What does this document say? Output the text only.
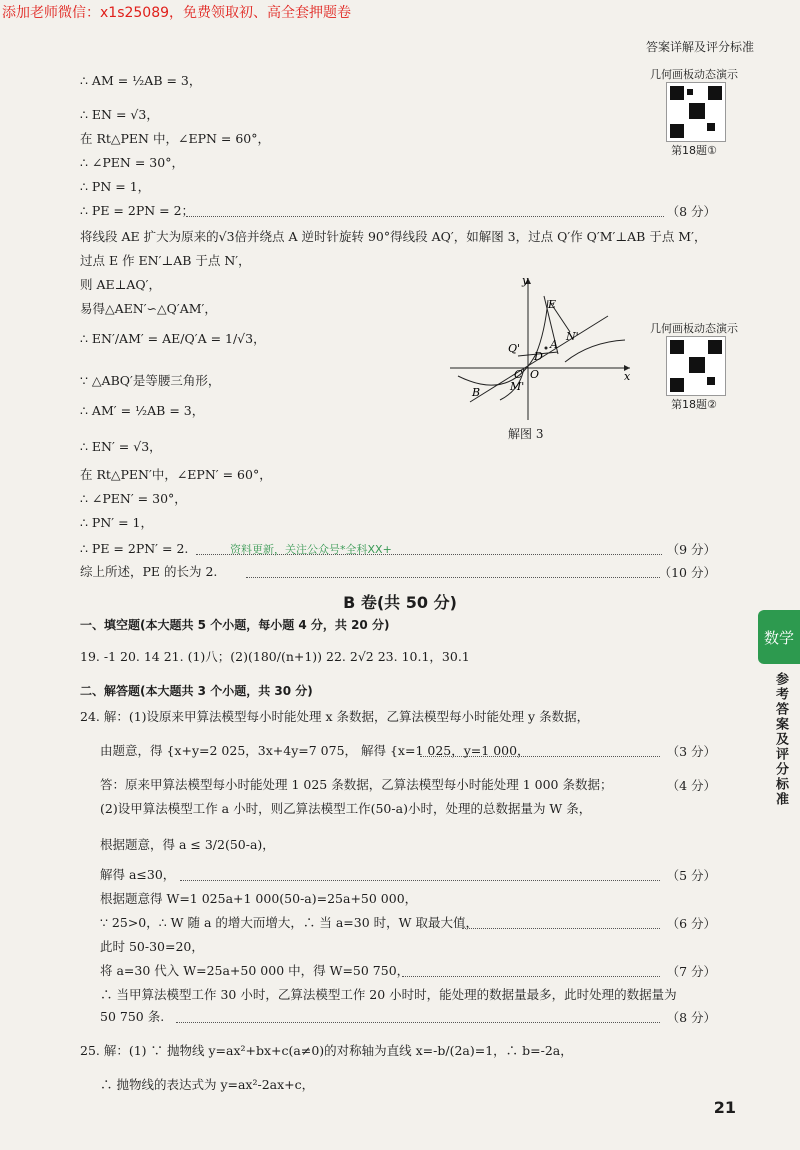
添加老师微信：x1s25089，免费领取初、高全套押题卷
答案详解及评分标准
几何画板动态演示
第18题①
几何画板动态演示
第18题②
∴ AM = ½AB = 3，
∴ EN = √3，
在 Rt△PEN 中，∠EPN = 60°，
∴ ∠PEN = 30°，
∴ PN = 1，
∴ PE = 2PN = 2；	（8 分）
将线段 AE 扩大为原来的√3倍并绕点 A 逆时针旋转 90°得线段 AQ′，如解图 3，过点 Q′作 Q′M′⊥AB 于点 M′，
过点 E 作 EN′⊥AB 于点 N′，
则 AE⊥AQ′，
易得△AEN′∽△Q′AM′，
∴ EN′/AM′ = AE/Q′A = 1/√3，
∵ △ABQ′是等腰三角形，
∴ AM′ = ½AB = 3，
∴ EN′ = √3，
在 Rt△PEN′中，∠EPN′ = 60°，
∴ ∠PEN′ = 30°，
∴ PN′ = 1，
∴ PE = 2PN′ = 2.	（9 分）
资料更新，关注公众号*全科XX+
综上所述，PE 的长为 2.	（10 分）
y
x
E
N'
Q'
D
A
C O
M'
B
解图 3
B 卷(共 50 分)
一、填空题(本大题共 5 个小题，每小题 4 分，共 20 分)
19. -1 20. 14 21. (1)八；(2)(180/(n+1)) 22. 2√2 23. 10.1，30.1
二、解答题(本大题共 3 个小题，共 30 分)
24. 解：(1)设原来甲算法模型每小时能处理 x 条数据，乙算法模型每小时能处理 y 条数据，
由题意，得 {x+y=2 025，3x+4y=7 075， 解得 {x=1 025，y=1 000，	（3 分）
答：原来甲算法模型每小时能处理 1 025 条数据，乙算法模型每小时能处理 1 000 条数据；	（4 分）
(2)设甲算法模型工作 a 小时，则乙算法模型工作(50-a)小时，处理的总数据量为 W 条，
根据题意，得 a ≤ 3/2(50-a)，
解得 a≤30，	（5 分）
根据题意得 W=1 025a+1 000(50-a)=25a+50 000，
∵ 25>0，∴ W 随 a 的增大而增大，∴ 当 a=30 时，W 取最大值，	（6 分）
此时 50-30=20，
将 a=30 代入 W=25a+50 000 中，得 W=50 750，	（7 分）
∴ 当甲算法模型工作 30 小时，乙算法模型工作 20 小时时，能处理的数据量最多，此时处理的数据量为
50 750 条.	（8 分）
25. 解：(1) ∵ 抛物线 y=ax²+bx+c(a≠0)的对称轴为直线 x=-b/(2a)=1，∴ b=-2a，
∴ 抛物线的表达式为 y=ax²-2ax+c，
数学
参考答案及评分标准
21
